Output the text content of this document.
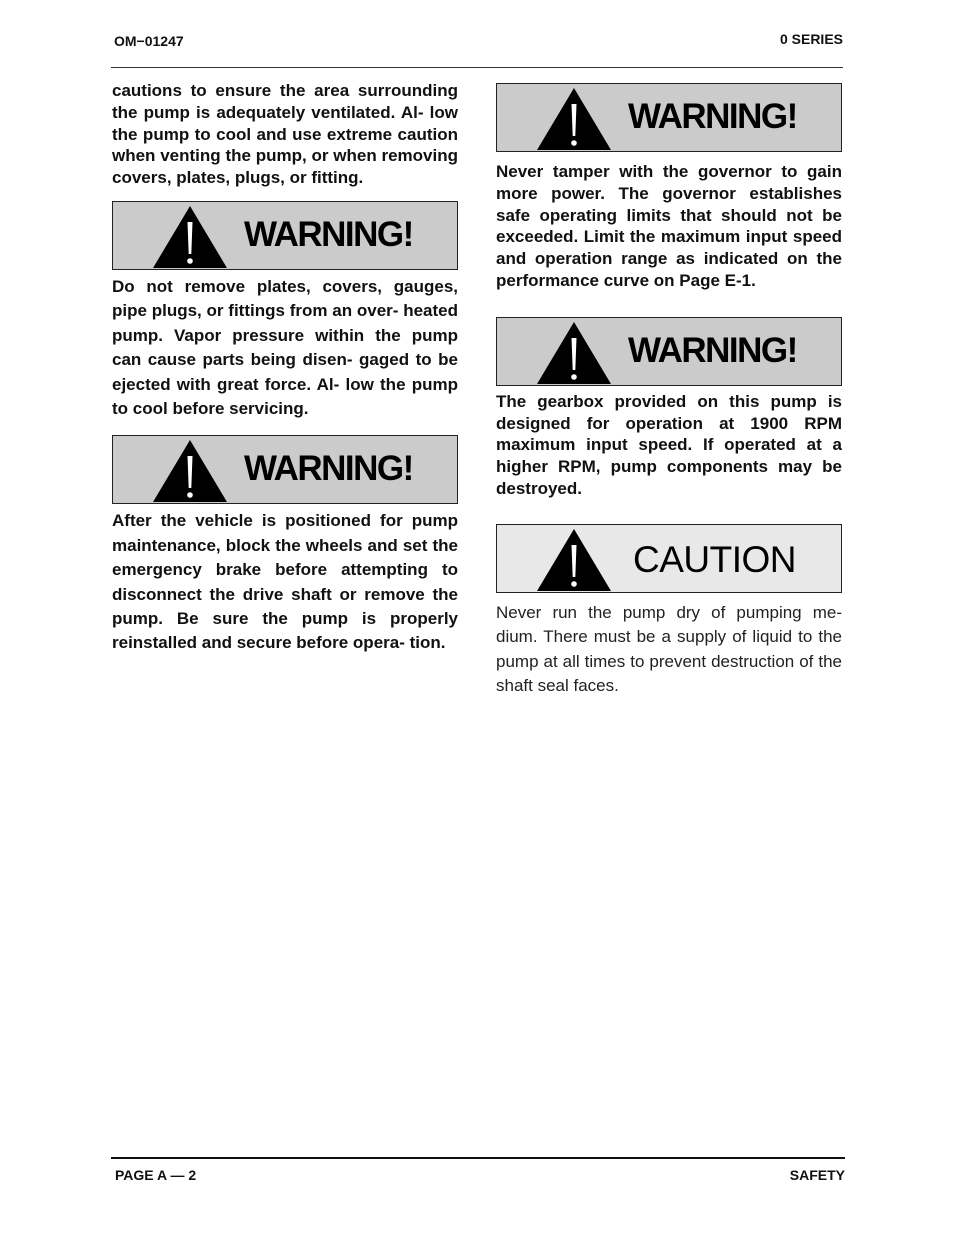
OM−01247	0 SERIES

cautions to ensure the area surrounding the pump is adequately ventilated. Al- low the pump to cool and use extreme caution when venting the pump, or when removing covers, plates, plugs, or fitting.

WARNING!

Do not remove plates, covers, gauges, pipe plugs, or fittings from an over- heated pump. Vapor pressure within the pump can cause parts being disen- gaged to be ejected with great force. Al- low the pump to cool before servicing.

WARNING!

After the vehicle is positioned for pump maintenance, block the wheels and set the emergency brake before attempting to disconnect the drive shaft or remove the pump. Be sure the pump is properly reinstalled and secure before opera- tion.

WARNING!

Never tamper with the governor to gain more power. The governor establishes safe operating limits that should not be exceeded. Limit the maximum input speed and operation range as indicated on the performance curve on Page E-1.

WARNING!

The gearbox provided on this pump is designed for operation at 1900 RPM maximum input speed. If operated at a higher RPM, pump components may be destroyed.

CAUTION

Never run the pump dry of pumping me- dium. There must be a supply of liquid to the pump at all times to prevent destruction of the shaft seal faces.

PAGE A — 2	SAFETY
